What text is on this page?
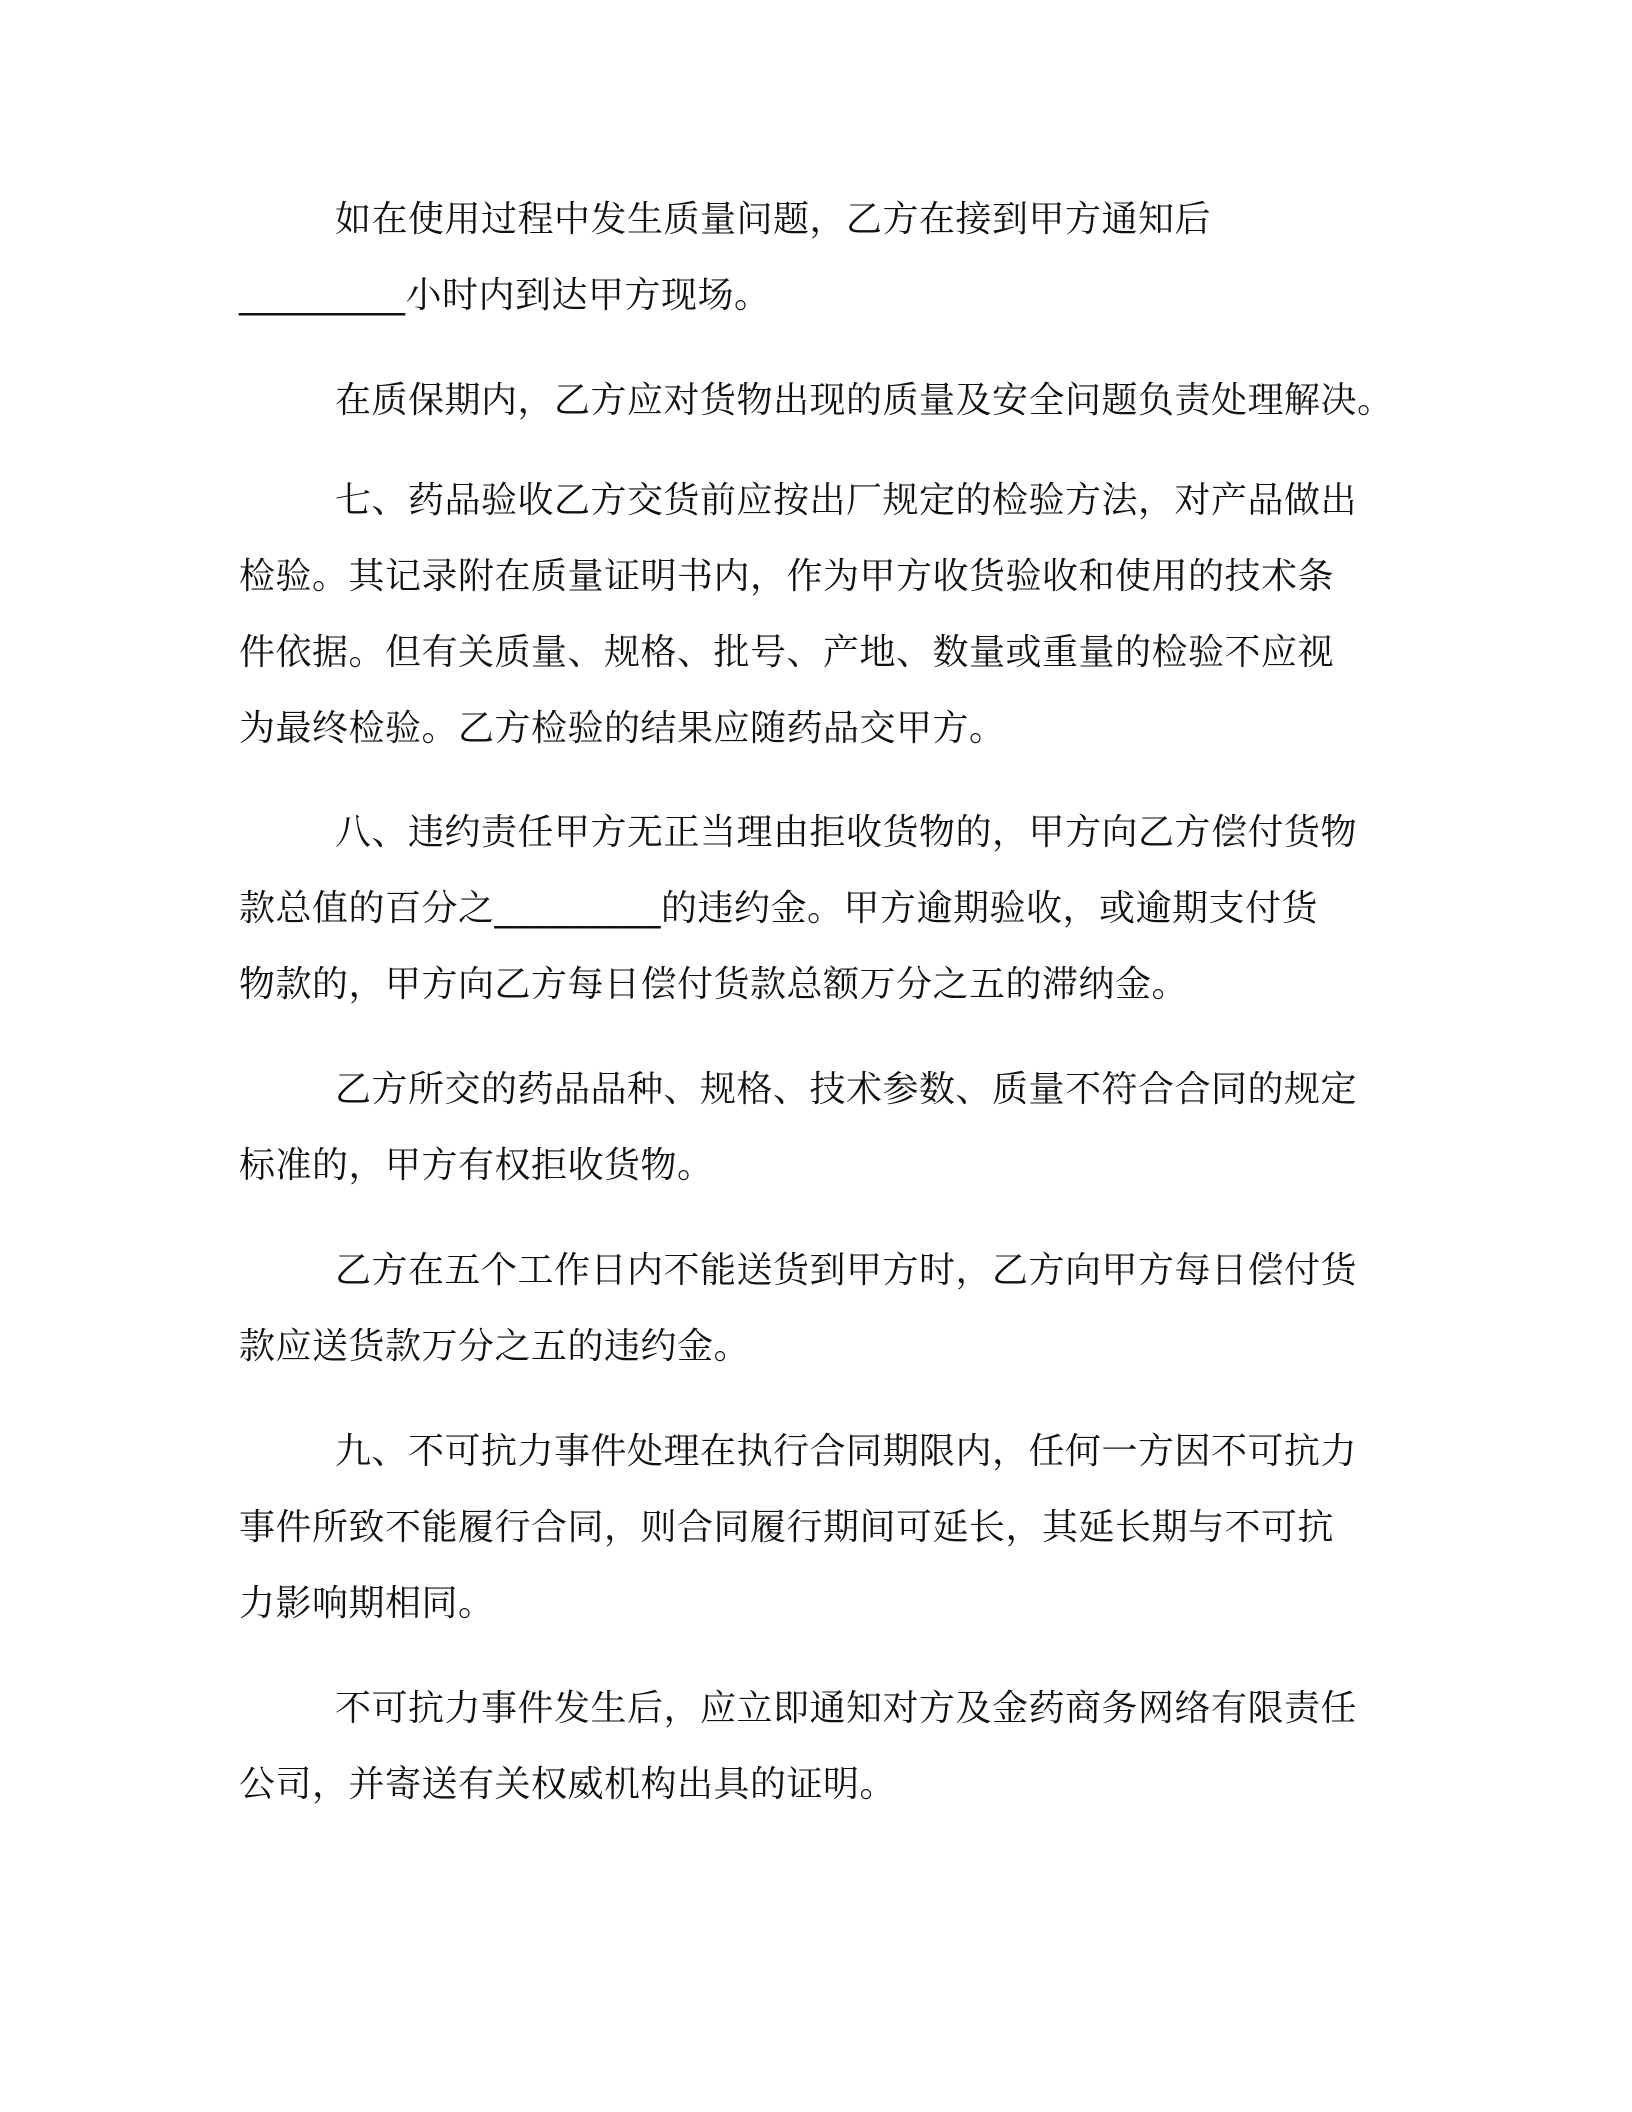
如在使用过程中发生质量问题，乙方在接到甲方通知后
_________小时内到达甲方现场。
在质保期内，乙方应对货物出现的质量及安全问题负责处理解决。
七、药品验收乙方交货前应按出厂规定的检验方法，对产品做出
检验。其记录附在质量证明书内，作为甲方收货验收和使用的技术条
件依据。但有关质量、规格、批号、产地、数量或重量的检验不应视
为最终检验。乙方检验的结果应随药品交甲方。
八、违约责任甲方无正当理由拒收货物的，甲方向乙方偿付货物
款总值的百分之_________的违约金。甲方逾期验收，或逾期支付货
物款的，甲方向乙方每日偿付货款总额万分之五的滞纳金。
乙方所交的药品品种、规格、技术参数、质量不符合合同的规定
标准的，甲方有权拒收货物。
乙方在五个工作日内不能送货到甲方时，乙方向甲方每日偿付货
款应送货款万分之五的违约金。
九、不可抗力事件处理在执行合同期限内，任何一方因不可抗力
事件所致不能履行合同，则合同履行期间可延长，其延长期与不可抗
力影响期相同。
不可抗力事件发生后，应立即通知对方及金药商务网络有限责任
公司，并寄送有关权威机构出具的证明。
